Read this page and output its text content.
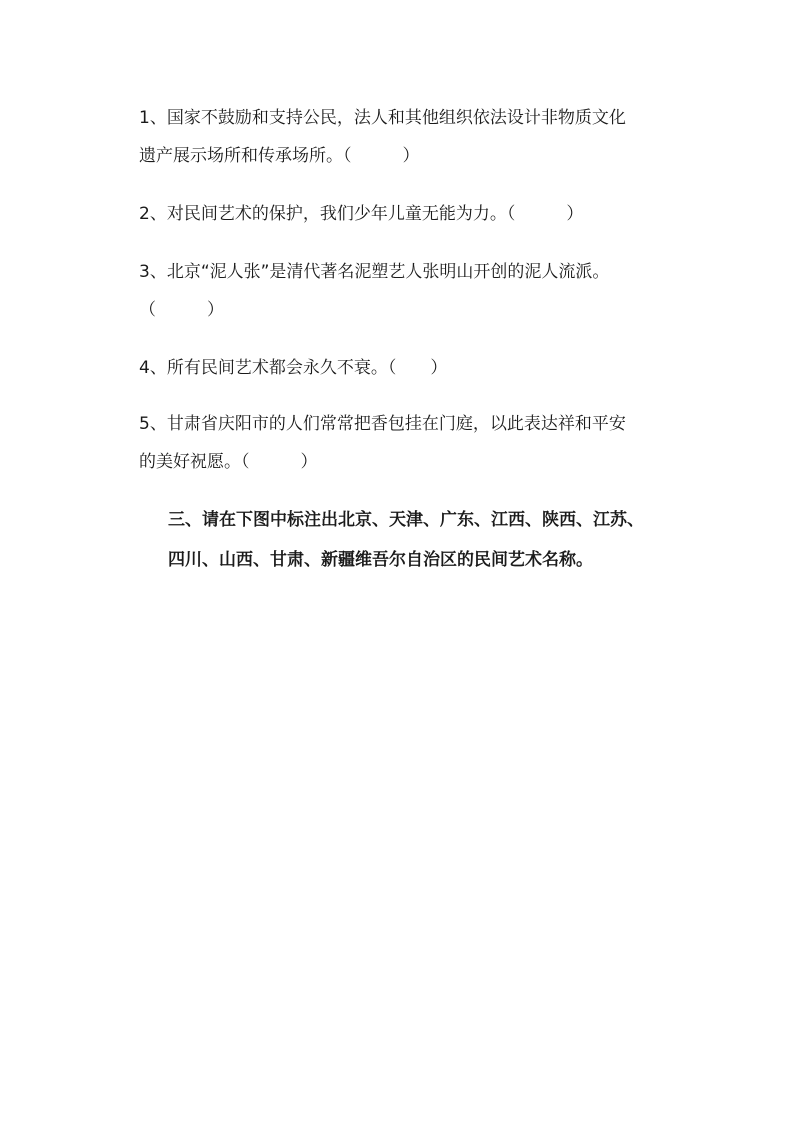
1、国家不鼓励和支持公民，法人和其他组织依法设计非物质文化
遗产展示场所和传承场所。（　　　）

2、对民间艺术的保护，我们少年儿童无能为力。（　　　）

3、北京“泥人张”是清代著名泥塑艺人张明山开创的泥人流派。
（　　　）

4、所有民间艺术都会永久不衰。（　　）

5、甘肃省庆阳市的人们常常把香包挂在门庭，以此表达祥和平安
的美好祝愿。（　　　）

三、请在下图中标注出北京、天津、广东、江西、陕西、江苏、
四川、山西、甘肃、新疆维吾尔自治区的民间艺术名称。
